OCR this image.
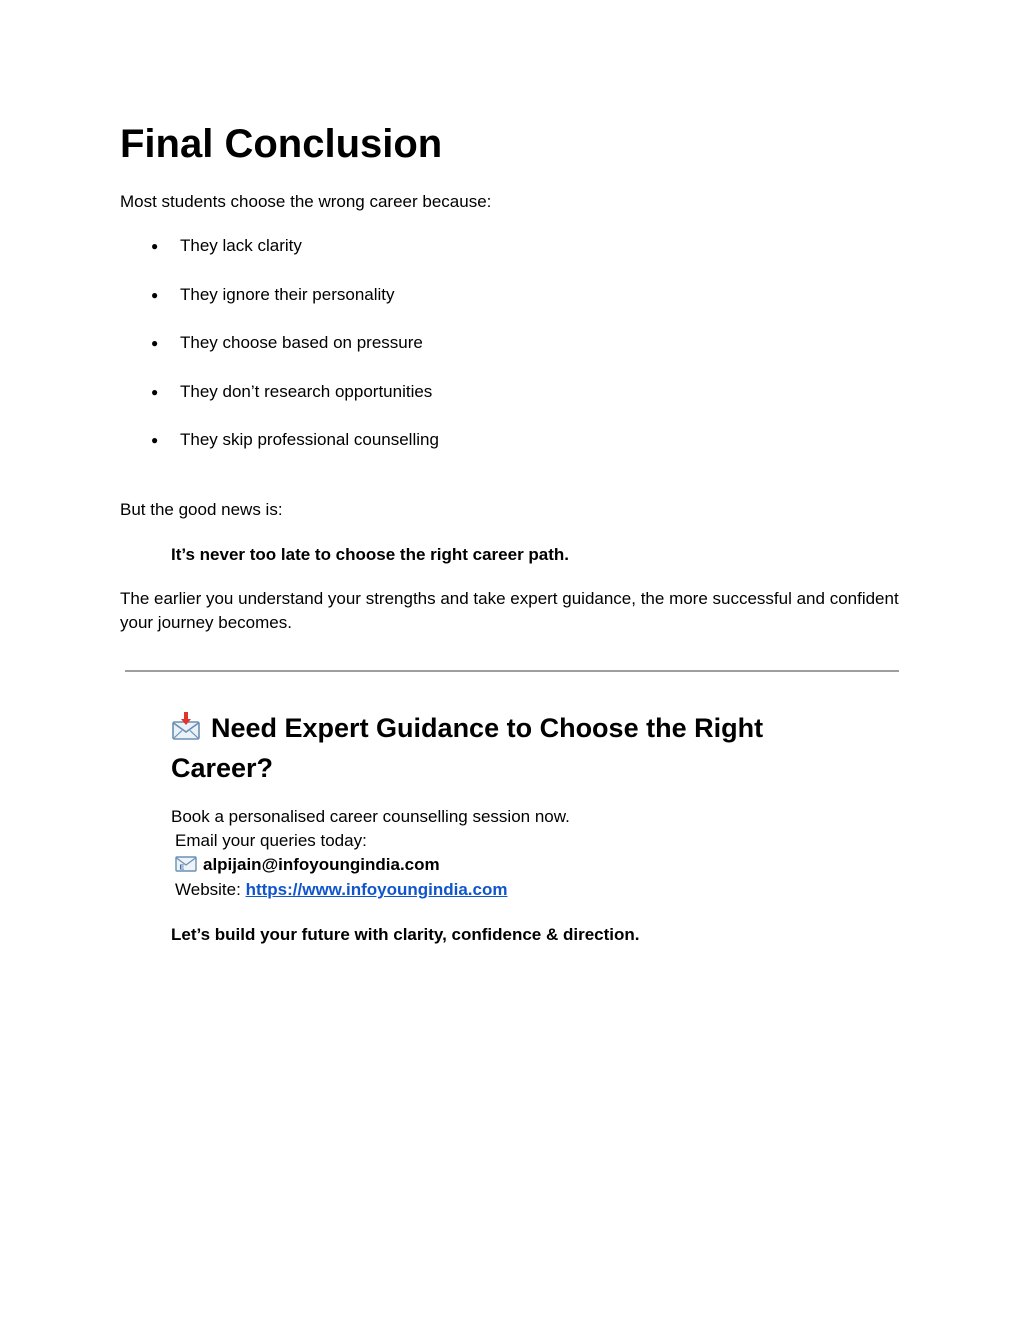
Final Conclusion

Most students choose the wrong career because:

● They lack clarity
● They ignore their personality
● They choose based on pressure
● They don’t research opportunities
● They skip professional counselling

But the good news is:

It’s never too late to choose the right career path.

The earlier you understand your strengths and take expert guidance, the more successful and confident your journey becomes.

Need Expert Guidance to Choose the Right Career?

Book a personalised career counselling session now.

Email your queries today:

E alpijain@infoyoungindia.com

Website: https://www.infoyoungindia.com

Let’s build your future with clarity, confidence & direction.
